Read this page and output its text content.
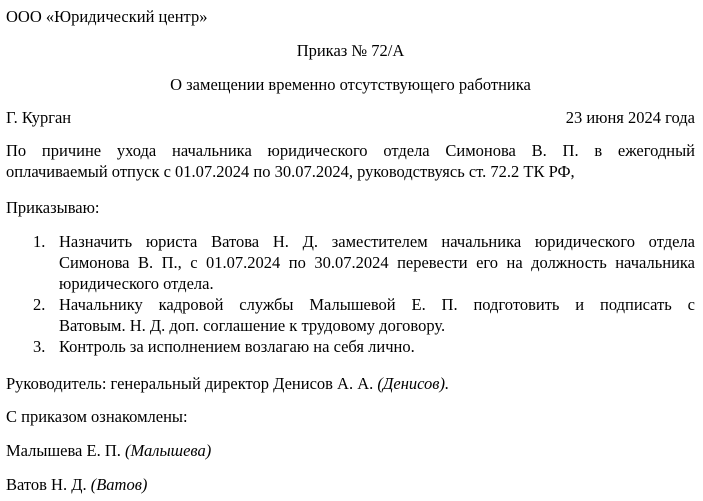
ООО «Юридический центр»
Приказ № 72/А
О замещении временно отсутствующего работника
Г. Курган	23 июня 2024 года

По причине ухода начальника юридического отдела Симонова В. П. в ежегодный

оплачиваемый отпуск с 01.07.2024 по 30.07.2024, руководствуясь ст. 72.2 ТК РФ,

Приказываю:
1. Назначить юриста Ватова Н. Д. заместителем начальника юридического отдела

Симонова В. П., с 01.07.2024 по 30.07.2024 перевести его на должность начальника

юридического отдела.

2. Начальнику кадровой службы Малышевой Е. П. подготовить и подписать с

Ватовым. Н. Д. доп. соглашение к трудовому договору.

3. Контроль за исполнением возлагаю на себя лично.

Руководитель: генеральный директор Денисов А. А. (Денисов).
С приказом ознакомлены:
Малышева Е. П. (Малышева)
Ватов Н. Д. (Ватов)
